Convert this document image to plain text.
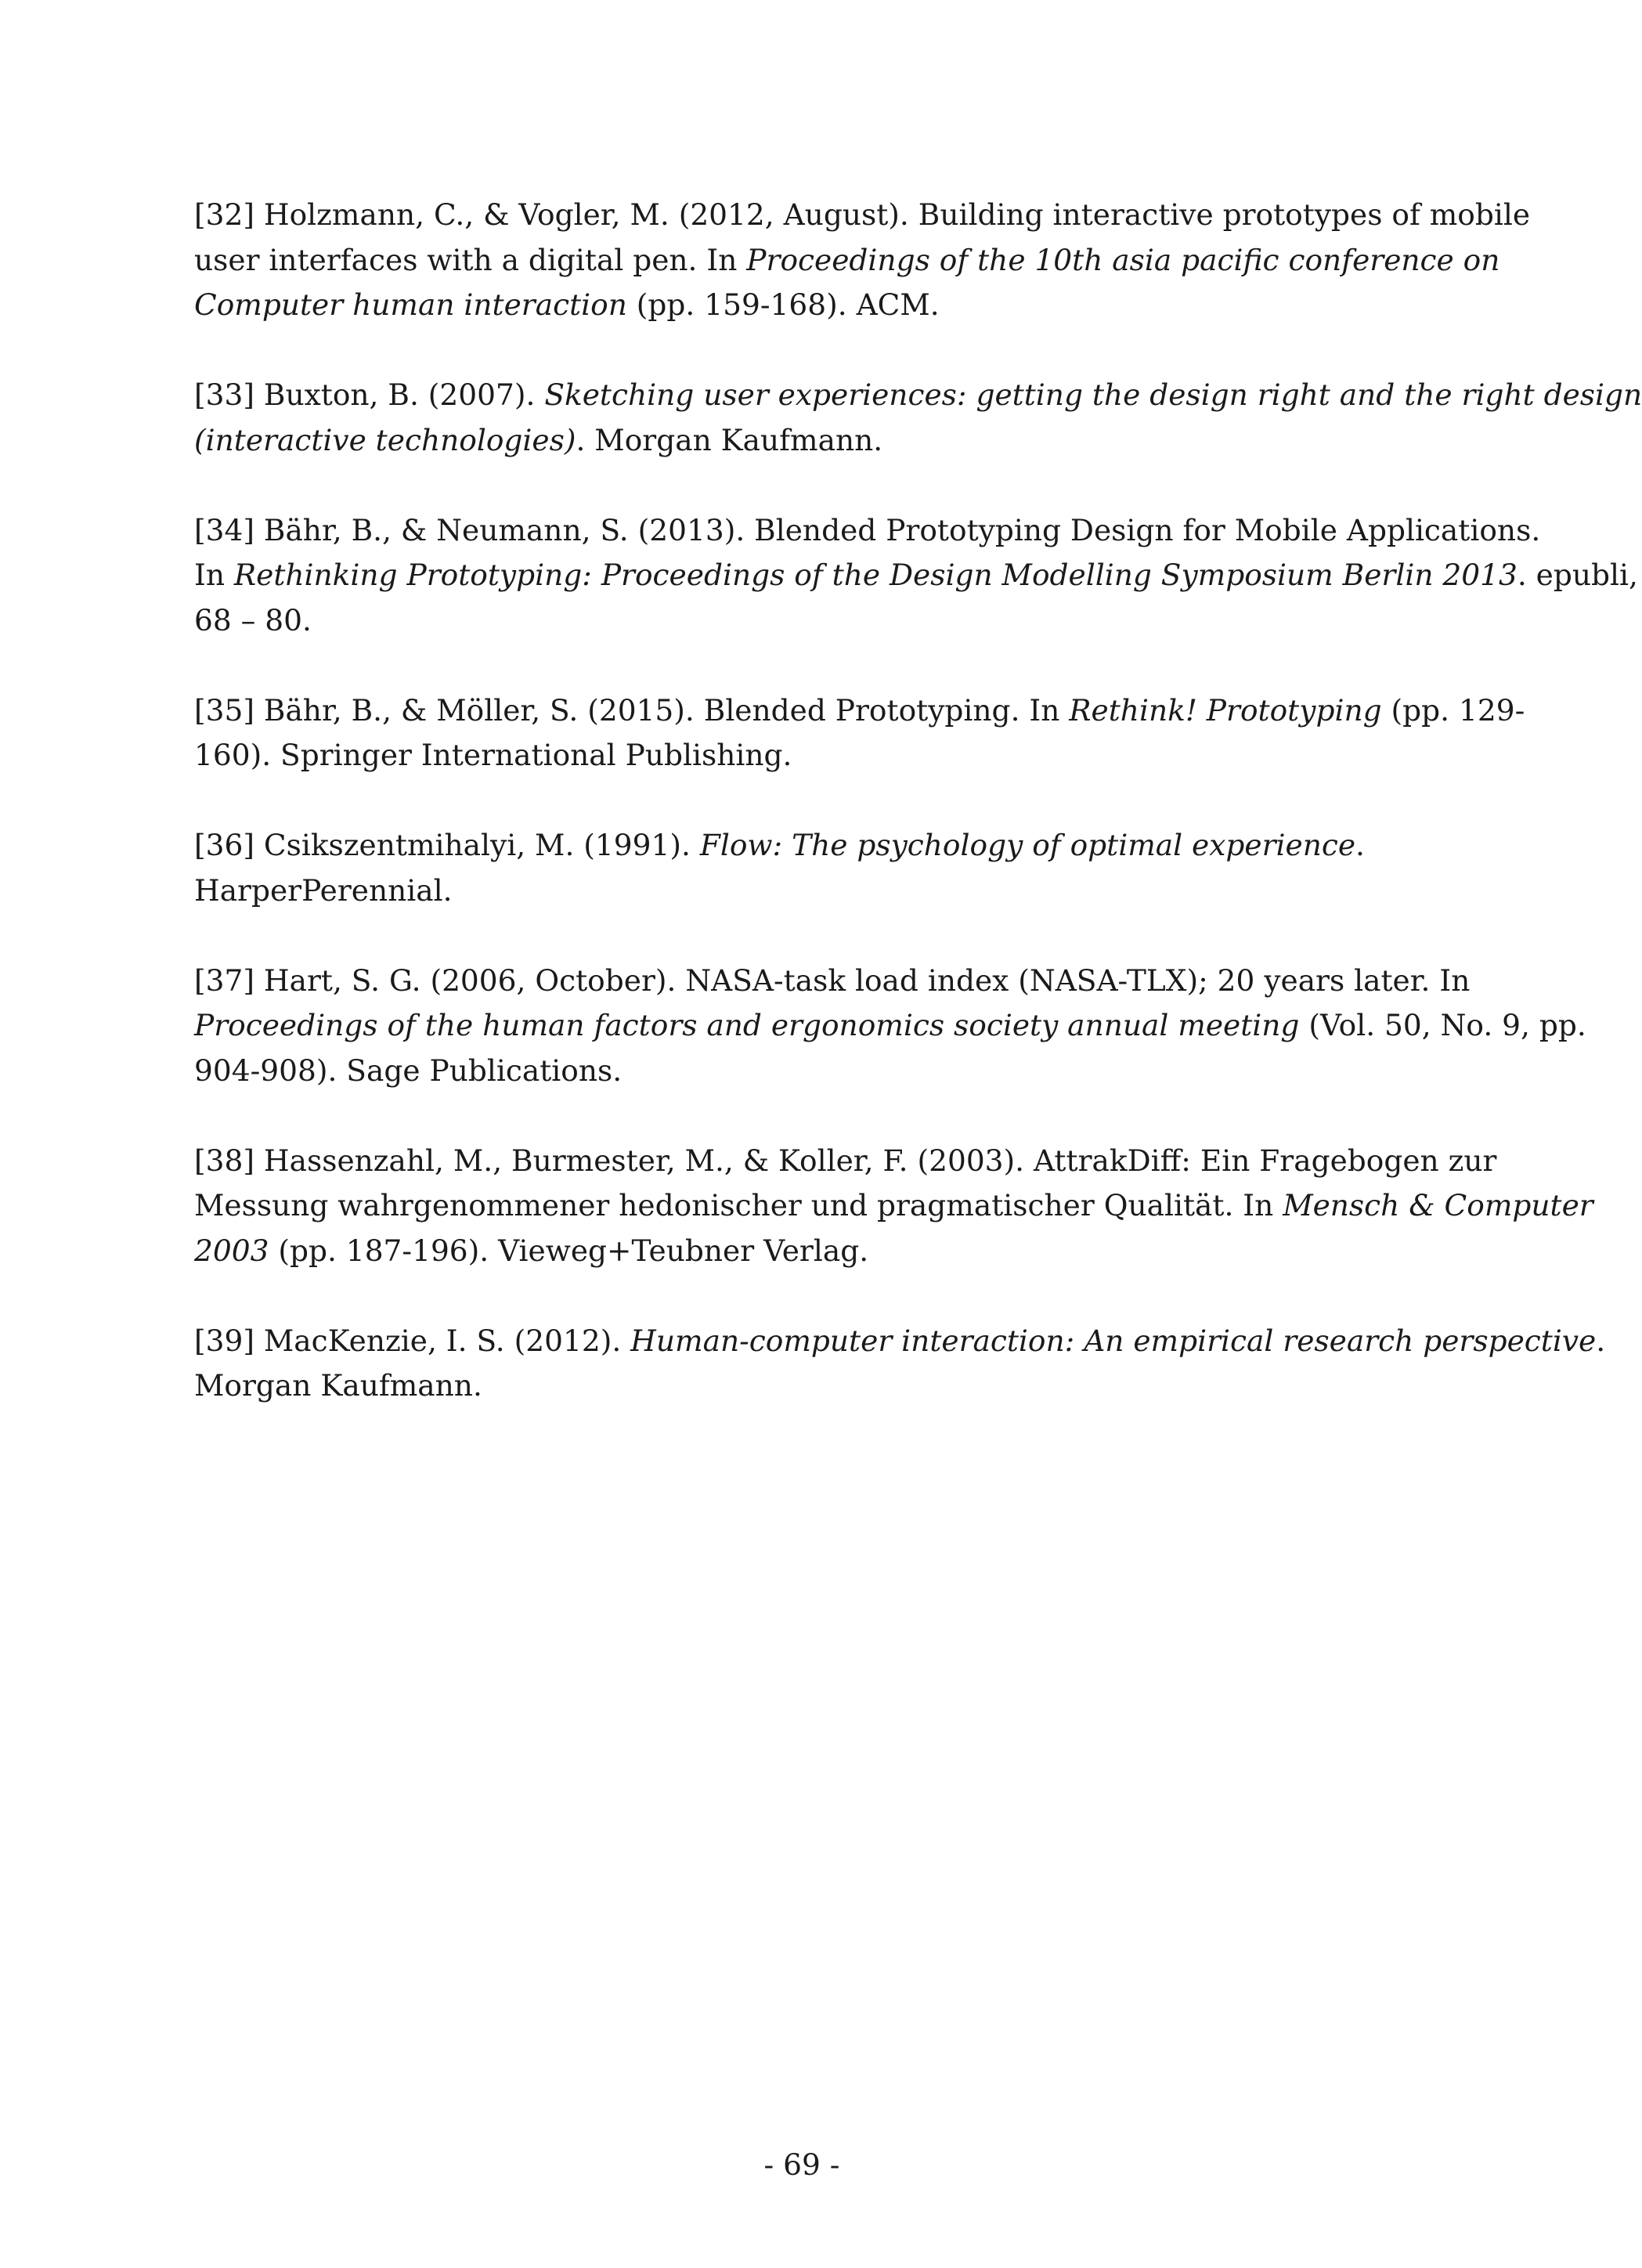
[32] Holzmann, C., & Vogler, M. (2012, August). Building interactive prototypes of mobile
user interfaces with a digital pen. In Proceedings of the 10th asia pacific conference on
Computer human interaction (pp. 159-168). ACM.
[33] Buxton, B. (2007). Sketching user experiences: getting the design right and the right design
(interactive technologies). Morgan Kaufmann.
[34] Bähr, B., & Neumann, S. (2013). Blended Prototyping Design for Mobile Applications.
In Rethinking Prototyping: Proceedings of the Design Modelling Symposium Berlin 2013. epubli,
68 – 80.
[35] Bähr, B., & Möller, S. (2015). Blended Prototyping. In Rethink! Prototyping (pp. 129-
160). Springer International Publishing.
[36] Csikszentmihalyi, M. (1991). Flow: The psychology of optimal experience.
HarperPerennial.
[37] Hart, S. G. (2006, October). NASA-task load index (NASA-TLX); 20 years later. In
Proceedings of the human factors and ergonomics society annual meeting (Vol. 50, No. 9, pp.
904-908). Sage Publications.
[38] Hassenzahl, M., Burmester, M., & Koller, F. (2003). AttrakDiff: Ein Fragebogen zur
Messung wahrgenommener hedonischer und pragmatischer Qualität. In Mensch & Computer
2003 (pp. 187-196). Vieweg+Teubner Verlag.
[39] MacKenzie, I. S. (2012). Human-computer interaction: An empirical research perspective.
Morgan Kaufmann.
- 69 -
